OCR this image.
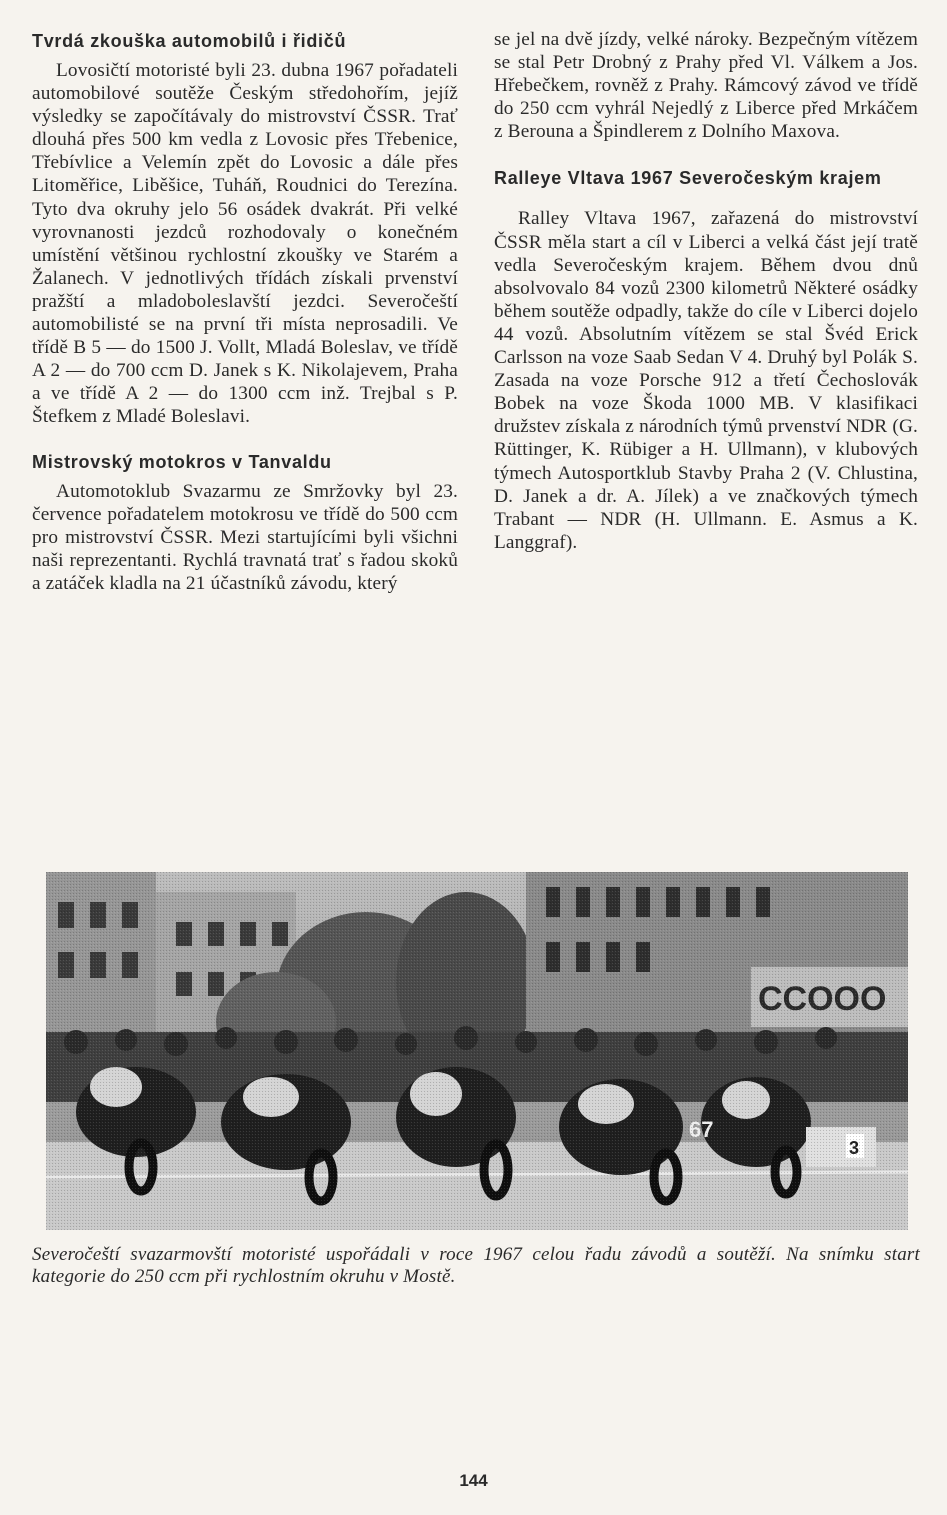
Tvrdá zkouška automobilů i řidičů

Lovosičtí motoristé byli 23. dubna 1967 pořadateli automobilové soutěže Českým středohořím, jejíž výsledky se započítávaly do mistrovství ČSSR. Trať dlouhá přes 500 km vedla z Lovosic přes Třebenice, Třebívlice a Velemín zpět do Lovosic a dále přes Litoměřice, Liběšice, Tuháň, Roudnici do Terezína. Tyto dva okruhy jelo 56 osádek dvakrát. Při velké vyrovnanosti jezdců rozhodovaly o konečném umístění většinou rychlostní zkoušky ve Starém a Žalanech. V jednotlivých třídách získali prvenství pražští a mladoboleslavští jezdci. Severočeští automobilisté se na první tři místa neprosadili. Ve třídě B 5 — do 1500 J. Vollt, Mladá Boleslav, ve třídě A 2 — do 700 ccm D. Janek s K. Nikolajevem, Praha a ve třídě A 2 — do 1300 ccm inž. Trejbal s P. Štefkem z Mladé Boleslavi.

Mistrovský motokros v Tanvaldu

Automotoklub Svazarmu ze Smržovky byl 23. července pořadatelem motokrosu ve třídě do 500 ccm pro mistrovství ČSSR. Mezi startujícími byli všichni naši reprezentanti. Rychlá travnatá trať s řadou skoků a zatáček kladla na 21 účastníků závodu, který

se jel na dvě jízdy, velké nároky. Bezpečným vítězem se stal Petr Drobný z Prahy před Vl. Válkem a Jos. Hřebečkem, rovněž z Prahy. Rámcový závod ve třídě do 250 ccm vyhrál Nejedlý z Liberce před Mrkáčem z Berouna a Špindlerem z Dolního Maxova.

Ralleye Vltava 1967 Severočeským krajem

Ralley Vltava 1967, zařazená do mistrovství ČSSR měla start a cíl v Liberci a velká část její tratě vedla Severočeským krajem. Během dvou dnů absolvovalo 84 vozů 2300 kilometrů Některé osádky během soutěže odpadly, takže do cíle v Liberci dojelo 44 vozů. Absolutním vítězem se stal Švéd Erick Carlsson na voze Saab Sedan V 4. Druhý byl Polák S. Zasada na voze Porsche 912 a třetí Čechoslovák Bobek na voze Škoda 1000 MB. V klasifikaci družstev získala z národních týmů prvenství NDR (G. Rüttinger, K. Rübiger a H. Ullmann), v klubových týmech Autosportklub Stavby Praha 2 (V. Chlustina, D. Janek a dr. A. Jílek) a ve značkových týmech Trabant — NDR (H. Ullmann. E. Asmus a K. Langgraf).

Severočeští svazarmovští motoristé uspořádali v roce 1967 celou řadu závodů a soutěží. Na snímku start kategorie do 250 ccm při rychlostním okruhu v Mostě.
144
